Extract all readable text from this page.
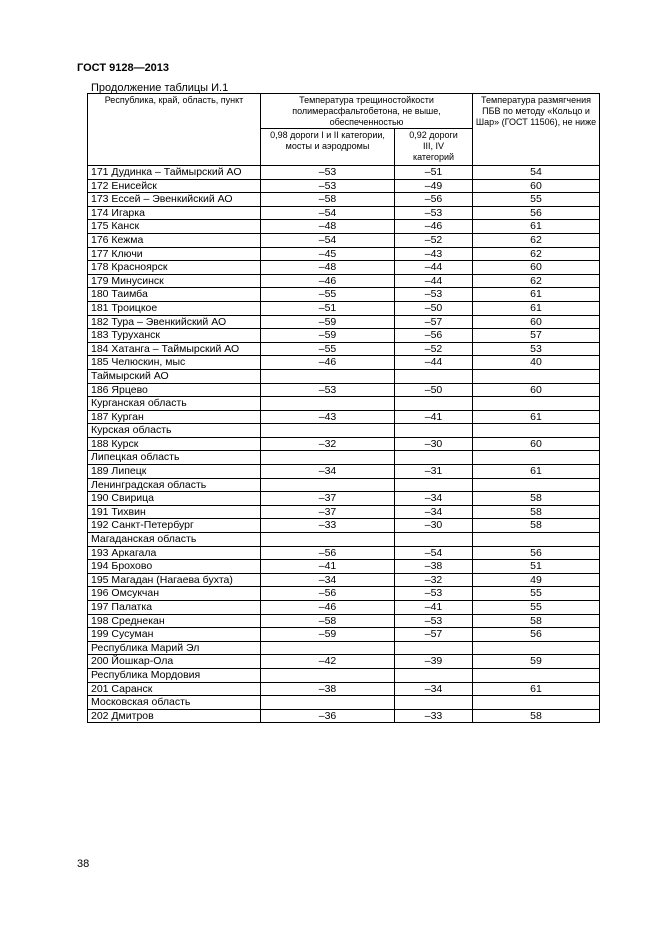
ГОСТ 9128—2013
Продолжение таблицы И.1
Республика, край, область, пункт	Температура трещиностойкости полимерасфальтобетона, не выше, обеспеченностью		Температура размягчения ПБВ по методу «Кольцо и Шар» (ГОСТ 11506), не ниже
	0,98 дороги I и II категории, мосты и аэродромы	0,92 дороги III, IV категорий	
171 Дудинка – Таймырский АО	–53	–51	54
172 Енисейск	–53	–49	60
173 Ессей – Эвенкийский АО	–58	–56	55
174 Игарка	–54	–53	56
175 Канск	–48	–46	61
176 Кежма	–54	–52	62
177 Ключи	–45	–43	62
178 Красноярск	–48	–44	60
179 Минусинск	–46	–44	62
180 Таимба	–55	–53	61
181 Троицкое	–51	–50	61
182 Тура – Эвенкийский АО	–59	–57	60
183 Туруханск	–59	–56	57
184 Хатанга – Таймырский АО	–55	–52	53
185 Челюскин, мыс	–46	–44	40
Таймырский АО			
186 Ярцево	–53	–50	60
Курганская область			
187 Курган	–43	–41	61
Курская область			
188 Курск	–32	–30	60
Липецкая область			
189 Липецк	–34	–31	61
Ленинградская область			
190 Свирица	–37	–34	58
191 Тихвин	–37	–34	58
192 Санкт-Петербург	–33	–30	58
Магаданская область			
193 Аркагала	–56	–54	56
194 Брохово	–41	–38	51
195 Магадан (Нагаева бухта)	–34	–32	49
196 Омсукчан	–56	–53	55
197 Палатка	–46	–41	55
198 Среднекан	–58	–53	58
199 Сусуман	–59	–57	56
Республика Марий Эл			
200 Йошкар-Ола	–42	–39	59
Республика Мордовия			
201 Саранск	–38	–34	61
Московская область			
202 Дмитров	–36	–33	58
38
